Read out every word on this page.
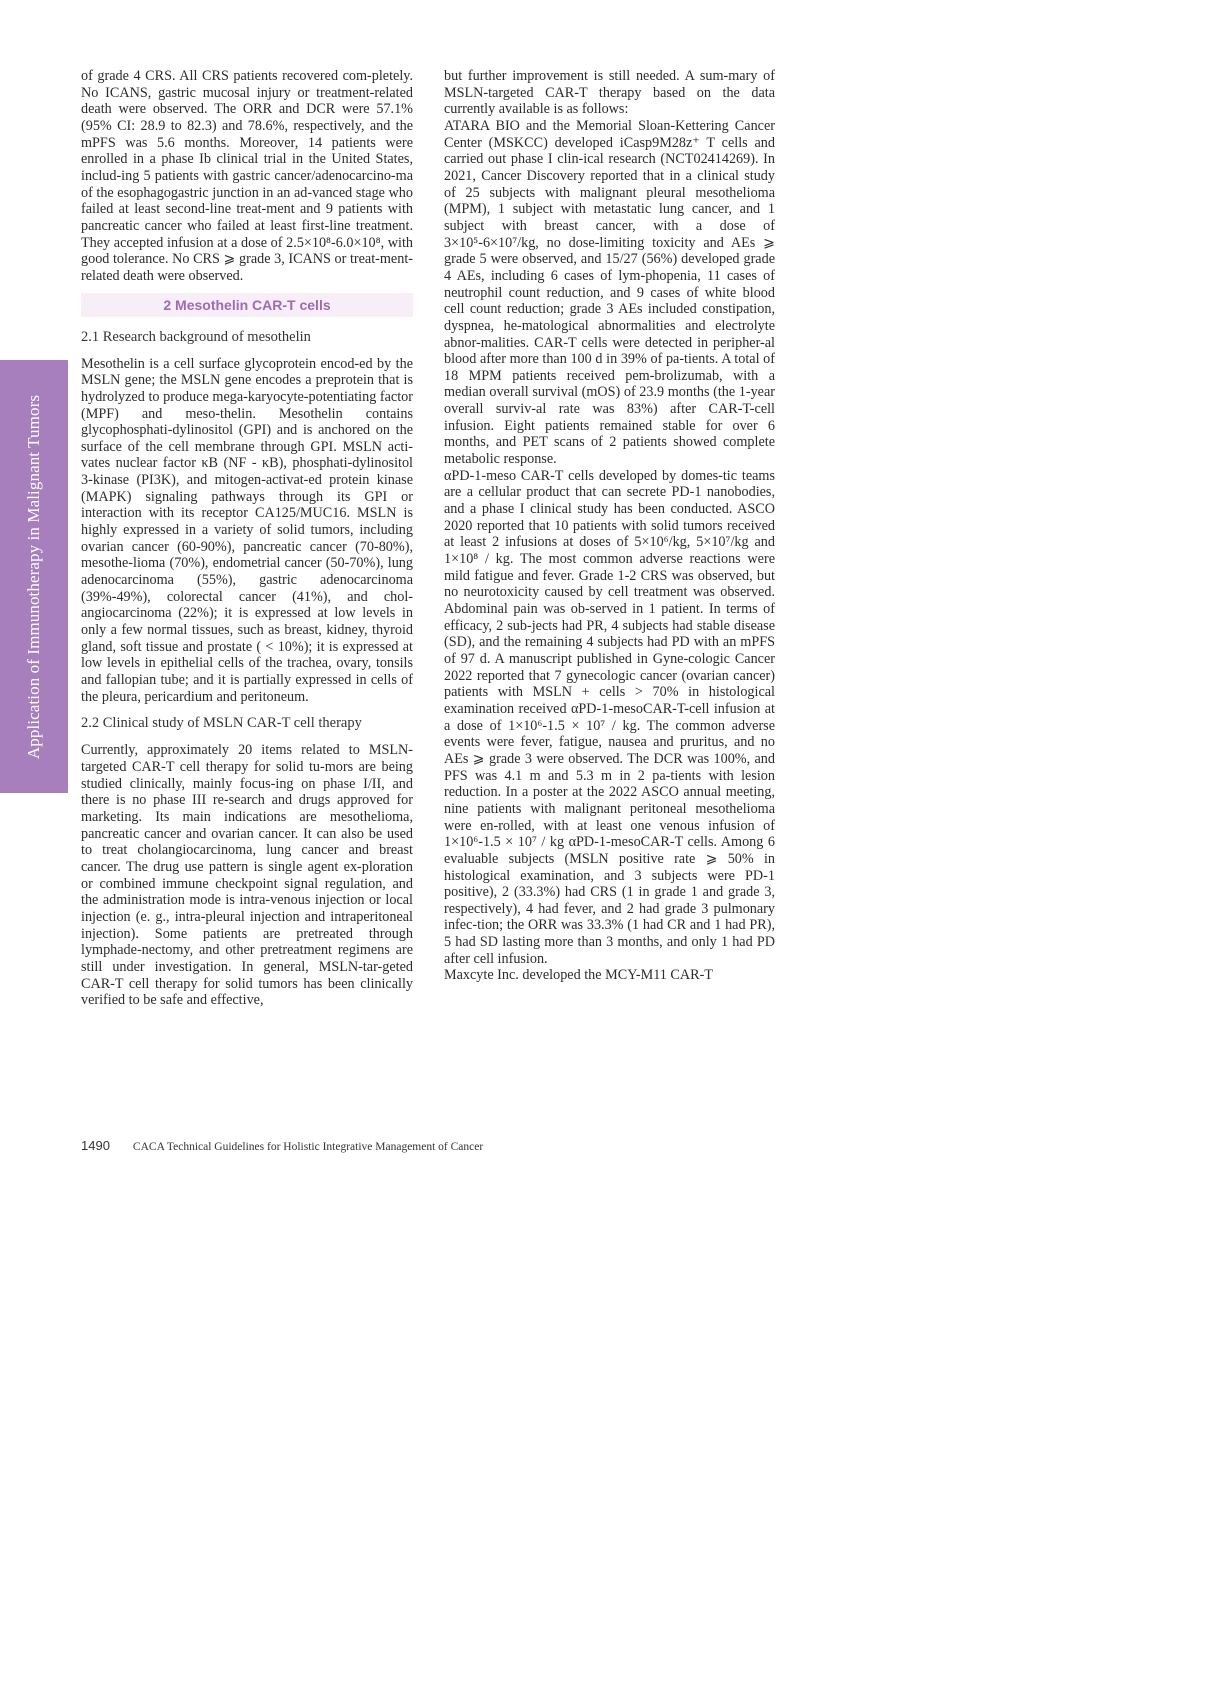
Application of Immunotherapy in Malignant Tumors

of grade 4 CRS. All CRS patients recovered com-pletely. No ICANS, gastric mucosal injury or treatment-related death were observed. The ORR and DCR were 57.1% (95% CI: 28.9 to 82.3) and 78.6%, respectively, and the mPFS was 5.6 months. Moreover, 14 patients were enrolled in a phase Ib clinical trial in the United States, includ-ing 5 patients with gastric cancer/adenocarcino-ma of the esophagogastric junction in an ad-vanced stage who failed at least second-line treat-ment and 9 patients with pancreatic cancer who failed at least first-line treatment. They accepted infusion at a dose of 2.5×10⁸-6.0×10⁸, with good tolerance. No CRS ⩾ grade 3, ICANS or treat-ment-related death were observed.

2 Mesothelin CAR-T cells
2.1 Research background of mesothelin

Mesothelin is a cell surface glycoprotein encod-ed by the MSLN gene; the MSLN gene encodes a preprotein that is hydrolyzed to produce mega-karyocyte-potentiating factor (MPF) and meso-thelin. Mesothelin contains glycophosphati-dylinositol (GPI) and is anchored on the surface of the cell membrane through GPI. MSLN acti-vates nuclear factor κB (NF - κB), phosphati-dylinositol 3-kinase (PI3K), and mitogen-activat-ed protein kinase (MAPK) signaling pathways through its GPI or interaction with its receptor CA125/MUC16. MSLN is highly expressed in a variety of solid tumors, including ovarian cancer (60-90%), pancreatic cancer (70-80%), mesothe-lioma (70%), endometrial cancer (50-70%), lung adenocarcinoma (55%), gastric adenocarcinoma (39%-49%), colorectal cancer (41%), and chol-angiocarcinoma (22%); it is expressed at low levels in only a few normal tissues, such as breast, kidney, thyroid gland, soft tissue and prostate ( < 10%); it is expressed at low levels in epithelial cells of the trachea, ovary, tonsils and fallopian tube; and it is partially expressed in cells of the pleura, pericardium and peritoneum.

2.2 Clinical study of MSLN CAR-T cell therapy

Currently, approximately 20 items related to MSLN-targeted CAR-T cell therapy for solid tu-mors are being studied clinically, mainly focus-ing on phase I/II, and there is no phase III re-search and drugs approved for marketing. Its main indications are mesothelioma, pancreatic cancer and ovarian cancer. It can also be used to treat cholangiocarcinoma, lung cancer and breast cancer. The drug use pattern is single agent ex-ploration or combined immune checkpoint signal regulation, and the administration mode is intra-venous injection or local injection (e. g., intra-pleural injection and intraperitoneal injection). Some patients are pretreated through lymphade-nectomy, and other pretreatment regimens are still under investigation. In general, MSLN-tar-geted CAR-T cell therapy for solid tumors has been clinically verified to be safe and effective,

but further improvement is still needed. A sum-mary of MSLN-targeted CAR-T therapy based on the data currently available is as follows:

ATARA BIO and the Memorial Sloan-Kettering Cancer Center (MSKCC) developed iCasp9M28z⁺ T cells and carried out phase I clin-ical research (NCT02414269). In 2021, Cancer Discovery reported that in a clinical study of 25 subjects with malignant pleural mesothelioma (MPM), 1 subject with metastatic lung cancer, and 1 subject with breast cancer, with a dose of 3×10⁵-6×10⁷/kg, no dose-limiting toxicity and AEs ⩾ grade 5 were observed, and 15/27 (56%) developed grade 4 AEs, including 6 cases of lym-phopenia, 11 cases of neutrophil count reduction, and 9 cases of white blood cell count reduction; grade 3 AEs included constipation, dyspnea, he-matological abnormalities and electrolyte abnor-malities. CAR-T cells were detected in peripher-al blood after more than 100 d in 39% of pa-tients. A total of 18 MPM patients received pem-brolizumab, with a median overall survival (mOS) of 23.9 months (the 1-year overall surviv-al rate was 83%) after CAR-T-cell infusion. Eight patients remained stable for over 6 months, and PET scans of 2 patients showed complete metabolic response.

αPD-1-meso CAR-T cells developed by domes-tic teams are a cellular product that can secrete PD-1 nanobodies, and a phase I clinical study has been conducted. ASCO 2020 reported that 10 patients with solid tumors received at least 2 infusions at doses of 5×10⁶/kg, 5×10⁷/kg and 1×10⁸ / kg. The most common adverse reactions were mild fatigue and fever. Grade 1-2 CRS was observed, but no neurotoxicity caused by cell treatment was observed. Abdominal pain was ob-served in 1 patient. In terms of efficacy, 2 sub-jects had PR, 4 subjects had stable disease (SD), and the remaining 4 subjects had PD with an mPFS of 97 d. A manuscript published in Gyne-cologic Cancer 2022 reported that 7 gynecologic cancer (ovarian cancer) patients with MSLN + cells > 70% in histological examination received αPD-1-mesoCAR-T-cell infusion at a dose of 1×10⁶-1.5 × 10⁷ / kg. The common adverse events were fever, fatigue, nausea and pruritus, and no AEs ⩾ grade 3 were observed. The DCR was 100%, and PFS was 4.1 m and 5.3 m in 2 pa-tients with lesion reduction. In a poster at the 2022 ASCO annual meeting, nine patients with malignant peritoneal mesothelioma were en-rolled, with at least one venous infusion of 1×10⁶-1.5 × 10⁷ / kg αPD-1-mesoCAR-T cells. Among 6 evaluable subjects (MSLN positive rate ⩾ 50% in histological examination, and 3 subjects were PD-1 positive), 2 (33.3%) had CRS (1 in grade 1 and grade 3, respectively), 4 had fever, and 2 had grade 3 pulmonary infec-tion; the ORR was 33.3% (1 had CR and 1 had PR), 5 had SD lasting more than 3 months, and only 1 had PD after cell infusion.

Maxcyte Inc. developed the MCY-M11 CAR-T

1490 CACA Technical Guidelines for Holistic Integrative Management of Cancer
